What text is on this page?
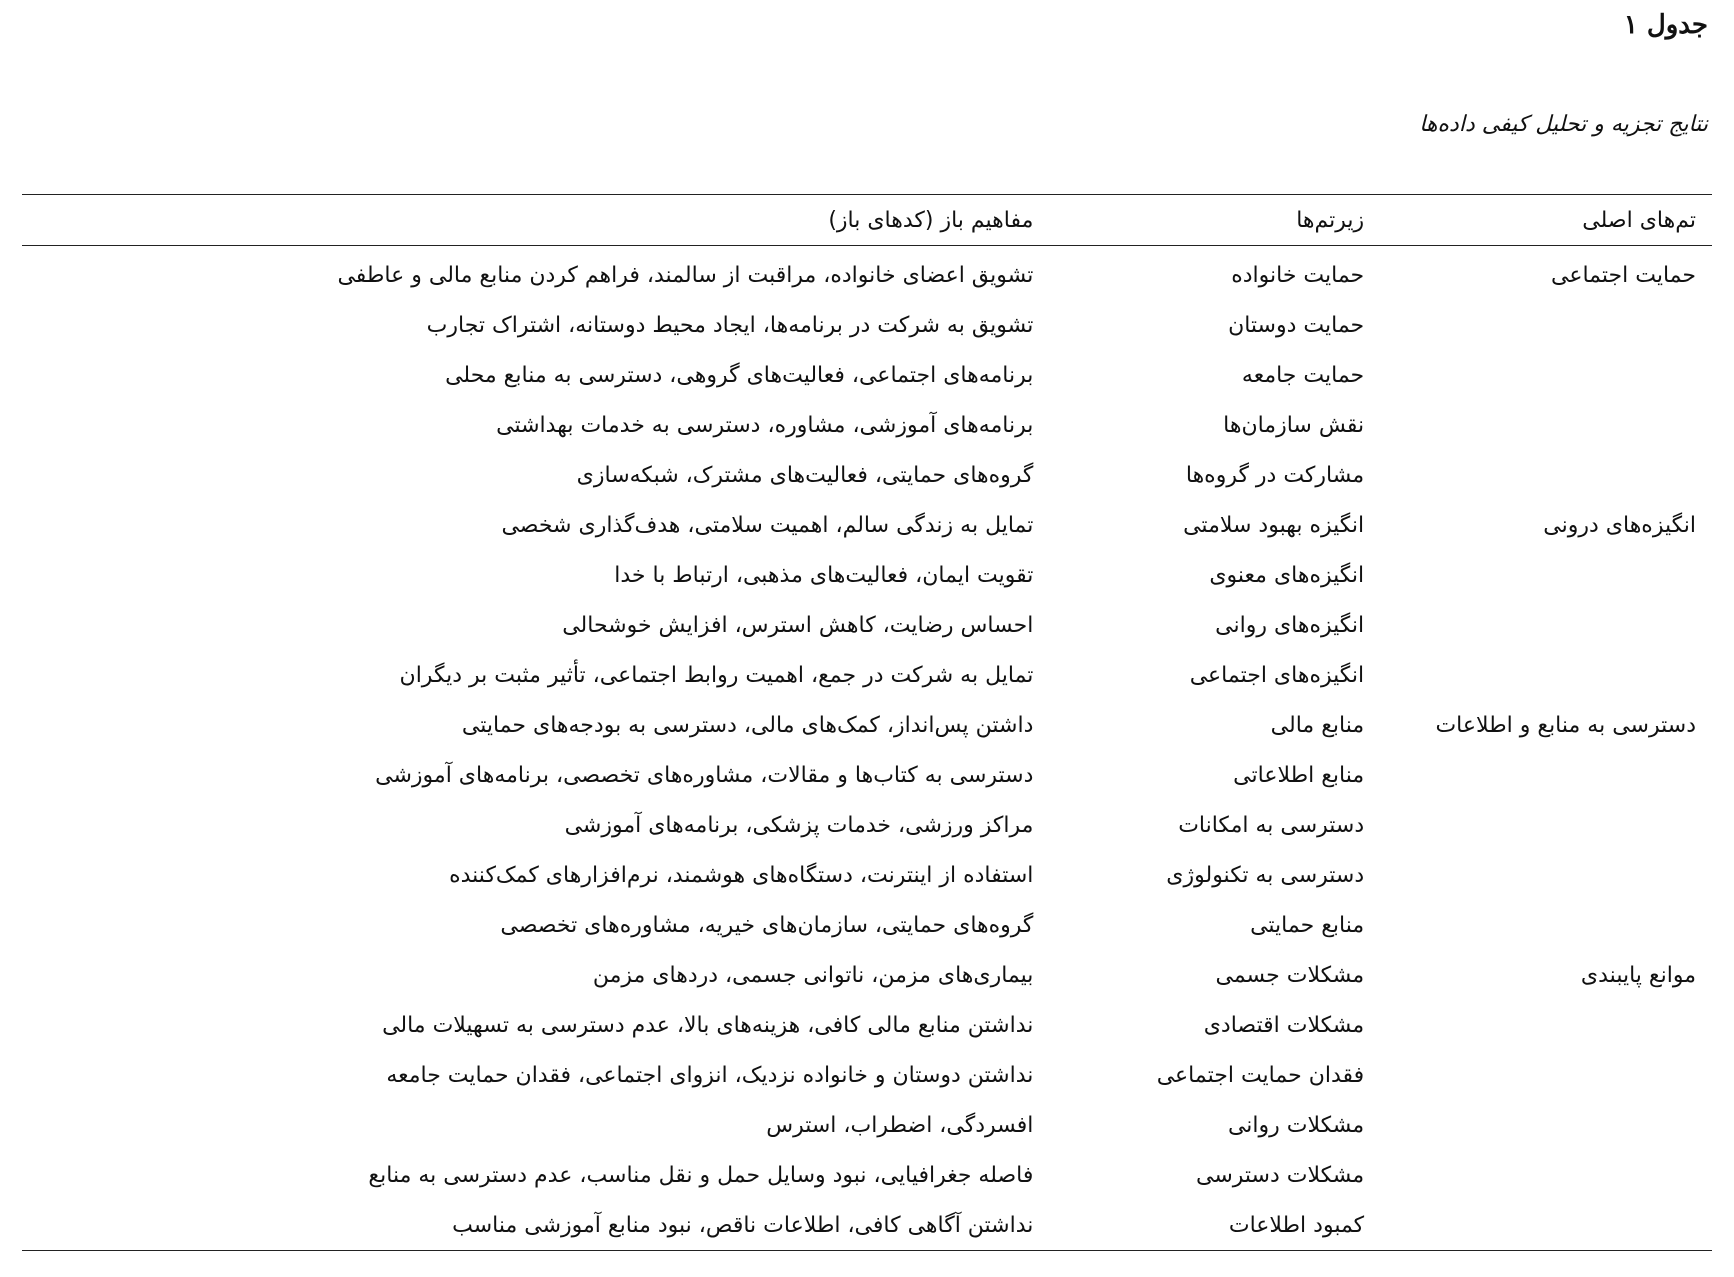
جدول ۱

نتایج تجزیه و تحلیل کیفی داده‌ها

تم‌های اصلی	زیرتم‌ها	مفاهیم باز (کدهای باز)
حمایت اجتماعی	حمایت خانواده	تشویق اعضای خانواده، مراقبت از سالمند، فراهم کردن منابع مالی و عاطفی
	حمایت دوستان	تشویق به شرکت در برنامه‌ها، ایجاد محیط دوستانه، اشتراک تجارب
	حمایت جامعه	برنامه‌های اجتماعی، فعالیت‌های گروهی، دسترسی به منابع محلی
	نقش سازمان‌ها	برنامه‌های آموزشی، مشاوره، دسترسی به خدمات بهداشتی
	مشارکت در گروه‌ها	گروه‌های حمایتی، فعالیت‌های مشترک، شبکه‌سازی
انگیزه‌های درونی	انگیزه بهبود سلامتی	تمایل به زندگی سالم، اهمیت سلامتی، هدف‌گذاری شخصی
	انگیزه‌های معنوی	تقویت ایمان، فعالیت‌های مذهبی، ارتباط با خدا
	انگیزه‌های روانی	احساس رضایت، کاهش استرس، افزایش خوشحالی
	انگیزه‌های اجتماعی	تمایل به شرکت در جمع، اهمیت روابط اجتماعی، تأثیر مثبت بر دیگران
دسترسی به منابع و اطلاعات	منابع مالی	داشتن پس‌انداز، کمک‌های مالی، دسترسی به بودجه‌های حمایتی
	منابع اطلاعاتی	دسترسی به کتاب‌ها و مقالات، مشاوره‌های تخصصی، برنامه‌های آموزشی
	دسترسی به امکانات	مراکز ورزشی، خدمات پزشکی، برنامه‌های آموزشی
	دسترسی به تکنولوژی	استفاده از اینترنت، دستگاه‌های هوشمند، نرم‌افزارهای کمک‌کننده
	منابع حمایتی	گروه‌های حمایتی، سازمان‌های خیریه، مشاوره‌های تخصصی
موانع پایبندی	مشکلات جسمی	بیماری‌های مزمن، ناتوانی جسمی، دردهای مزمن
	مشکلات اقتصادی	نداشتن منابع مالی کافی، هزینه‌های بالا، عدم دسترسی به تسهیلات مالی
	فقدان حمایت اجتماعی	نداشتن دوستان و خانواده نزدیک، انزوای اجتماعی، فقدان حمایت جامعه
	مشکلات روانی	افسردگی، اضطراب، استرس
	مشکلات دسترسی	فاصله جغرافیایی، نبود وسایل حمل و نقل مناسب، عدم دسترسی به منابع
	کمبود اطلاعات	نداشتن آگاهی کافی، اطلاعات ناقص، نبود منابع آموزشی مناسب
